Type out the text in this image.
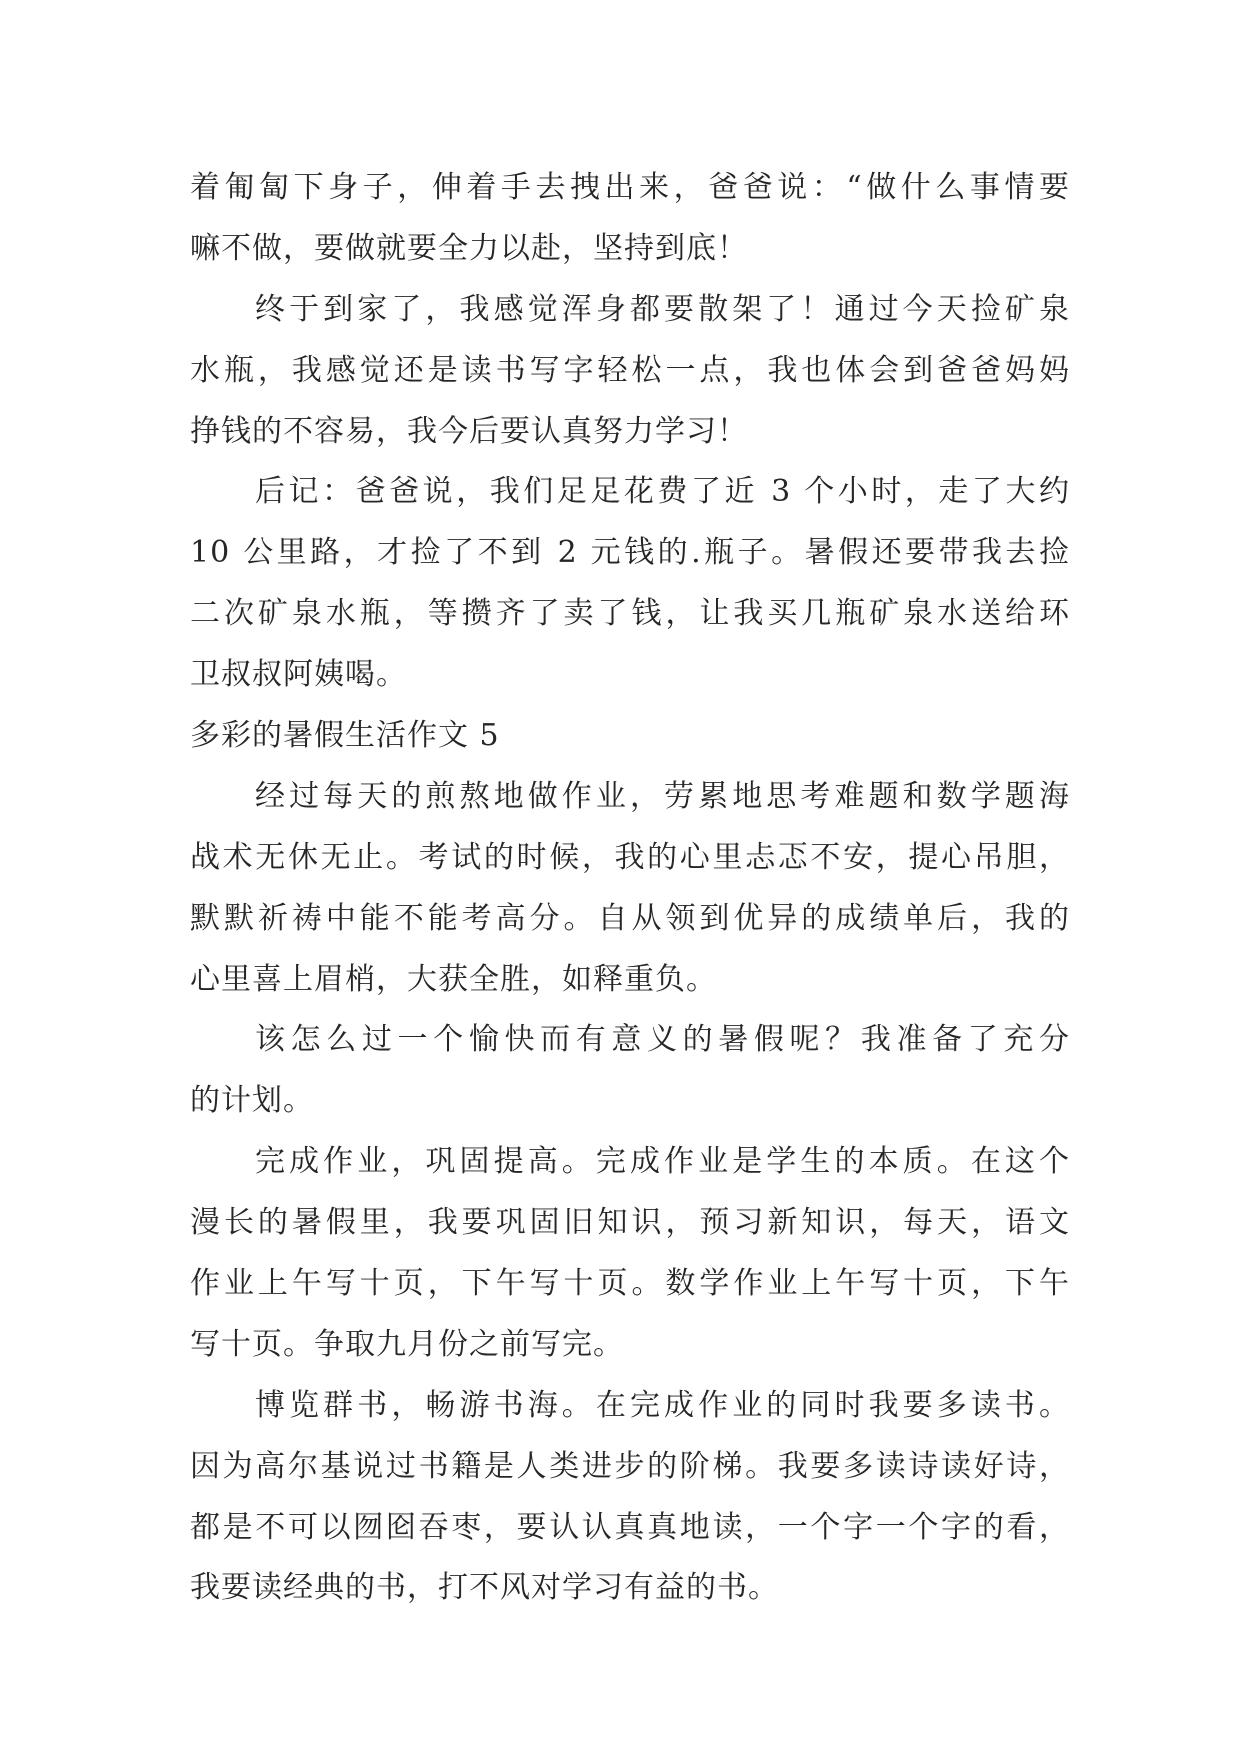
着匍匐下身子，伸着手去拽出来，爸爸说：“做什么事情要
嘛不做，要做就要全力以赴，坚持到底！
终于到家了，我感觉浑身都要散架了！通过今天捡矿泉
水瓶，我感觉还是读书写字轻松一点，我也体会到爸爸妈妈
挣钱的不容易，我今后要认真努力学习！
后记：爸爸说，我们足足花费了近 3 个小时，走了大约
10 公里路，才捡了不到 2 元钱的.瓶子。暑假还要带我去捡
二次矿泉水瓶，等攒齐了卖了钱，让我买几瓶矿泉水送给环
卫叔叔阿姨喝。
多彩的暑假生活作文 5
经过每天的煎熬地做作业，劳累地思考难题和数学题海
战术无休无止。考试的时候，我的心里忐忑不安，提心吊胆，
默默祈祷中能不能考高分。自从领到优异的成绩单后，我的
心里喜上眉梢，大获全胜，如释重负。
该怎么过一个愉快而有意义的暑假呢？我准备了充分
的计划。
完成作业，巩固提高。完成作业是学生的本质。在这个
漫长的暑假里，我要巩固旧知识，预习新知识，每天，语文
作业上午写十页，下午写十页。数学作业上午写十页，下午
写十页。争取九月份之前写完。
博览群书，畅游书海。在完成作业的同时我要多读书。
因为高尔基说过书籍是人类进步的阶梯。我要多读诗读好诗，
都是不可以囫囵吞枣，要认认真真地读，一个字一个字的看，
我要读经典的书，打不风对学习有益的书。
